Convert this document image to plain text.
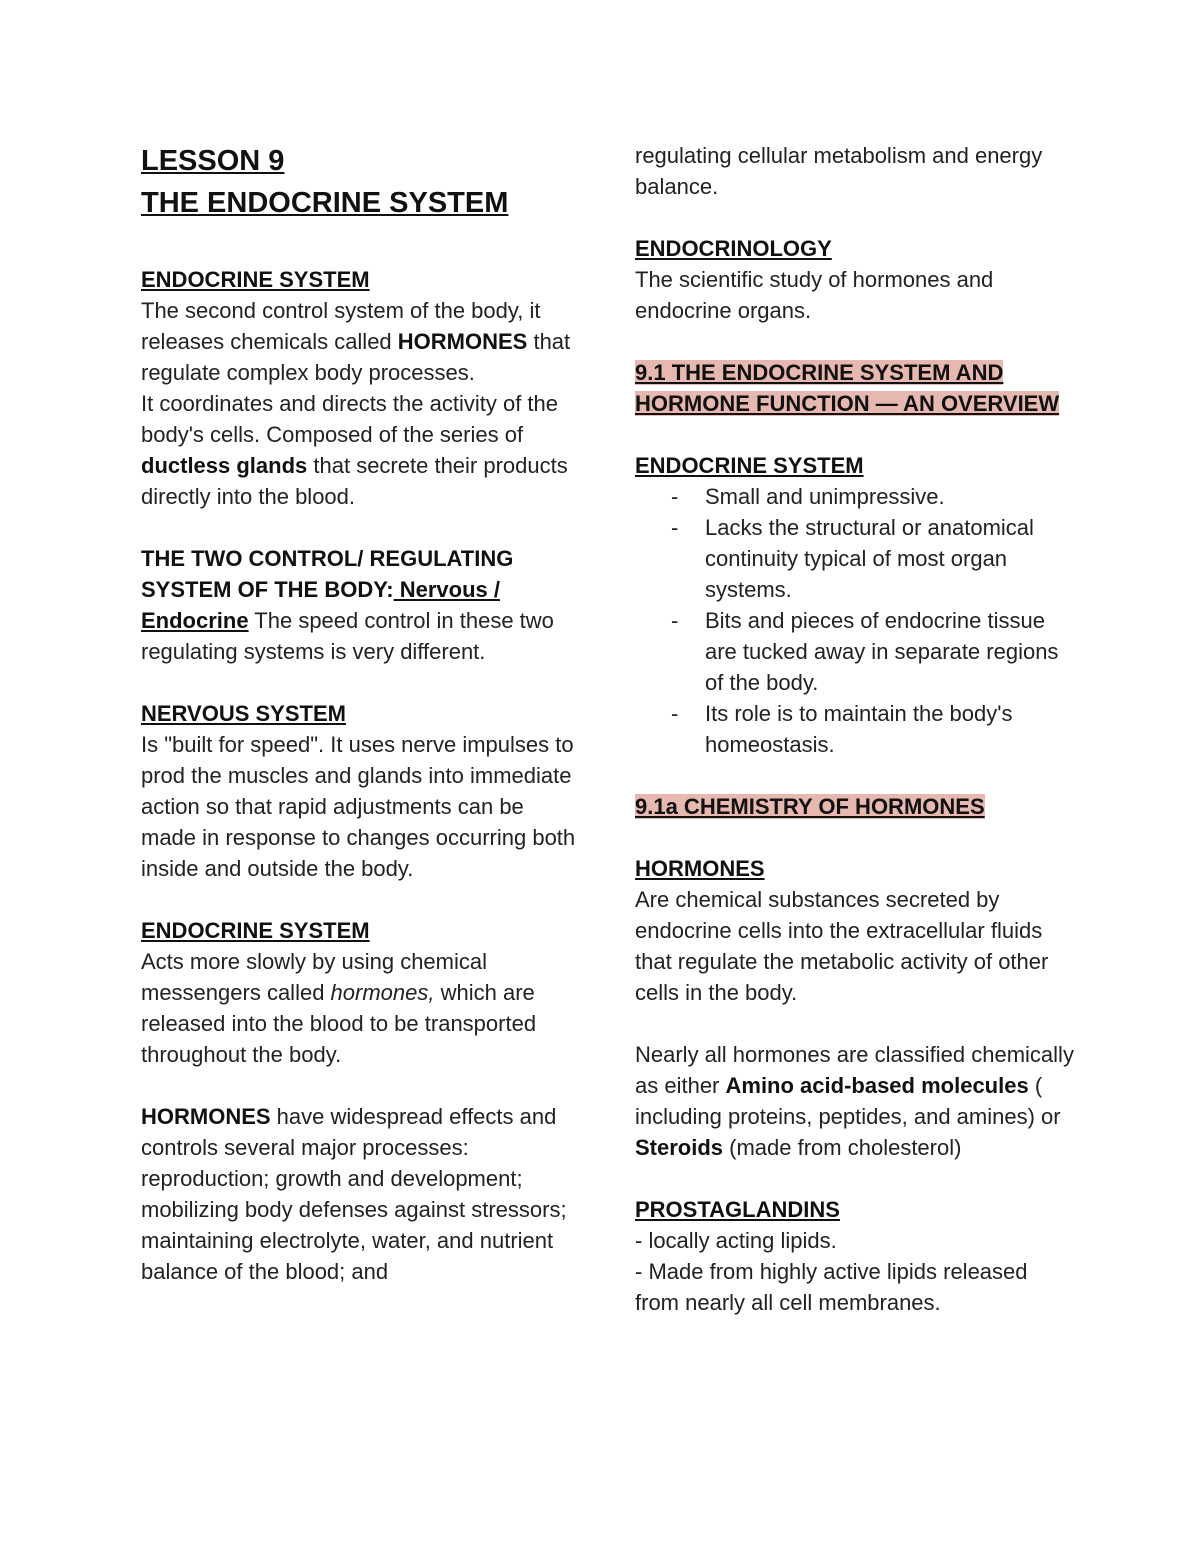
LESSON 9
THE ENDOCRINE SYSTEM
ENDOCRINE SYSTEM

The second control system of the body, it releases chemicals called HORMONES that regulate complex body processes.

It coordinates and directs the activity of the body's cells. Composed of the series of ductless glands that secrete their products directly into the blood.

THE TWO CONTROL/ REGULATING SYSTEM OF THE BODY: Nervous / Endocrine The speed control in these two regulating systems is very different.

NERVOUS SYSTEM

Is "built for speed". It uses nerve impulses to prod the muscles and glands into immediate action so that rapid adjustments can be made in response to changes occurring both inside and outside the body.

ENDOCRINE SYSTEM

Acts more slowly by using chemical messengers called hormones, which are released into the blood to be transported throughout the body.

HORMONES have widespread effects and controls several major processes: reproduction; growth and development; mobilizing body defenses against stressors; maintaining electrolyte, water, and nutrient balance of the blood; and

regulating cellular metabolism and energy balance.

ENDOCRINOLOGY

The scientific study of hormones and endocrine organs.

9.1 THE ENDOCRINE SYSTEM AND HORMONE FUNCTION — AN OVERVIEW
ENDOCRINE SYSTEM
- Small and unimpressive.
- Lacks the structural or anatomical continuity typical of most organ systems.
- Bits and pieces of endocrine tissue are tucked away in separate regions of the body.
- Its role is to maintain the body's homeostasis.
9.1a CHEMISTRY OF HORMONES
HORMONES

Are chemical substances secreted by endocrine cells into the extracellular fluids that regulate the metabolic activity of other cells in the body.

Nearly all hormones are classified chemically as either Amino acid-based molecules ( including proteins, peptides, and amines) or Steroids (made from cholesterol)

PROSTAGLANDINS

- locally acting lipids.

- Made from highly active lipids released from nearly all cell membranes.
